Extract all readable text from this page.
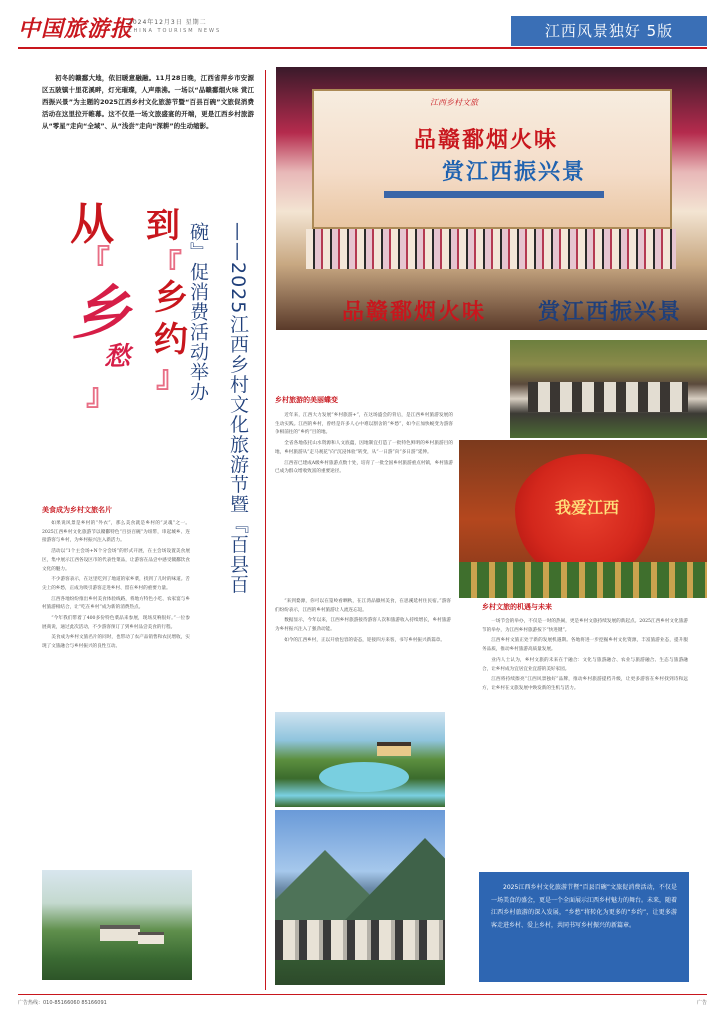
中国旅游报
2024年12月3日 星期二
CHINA TOURISM NEWS	江西风景独好 5版
初冬的赣鄱大地，依旧暖意融融。11月28日晚，江西省萍乡市安源区五陂镇十里花溪畔，灯光璀璨，人声鼎沸。一场以“品赣鄱烟火味 赏江西振兴景”为主题的2025江西乡村文化旅游节暨“百县百碗”文旅促消费活动在这里拉开帷幕。这不仅是一场文旅盛宴的开端，更是江西乡村旅游从“零星”走向“全域”、从“浅尝”走向“深耕”的生动缩影。
从
『
乡
愁
』
到
『
乡
约
』	——2025江西乡村文化旅游节暨『百县百碗』促消费活动举办
美食成为乡村文旅名片

如果说风景是乡村的“外衣”，那么美食就是乡村的“灵魂”之一。2025江西乡村文化旅游节以赣鄱特色“百县百碗”为纽带，串起城乡、连接游客与乡村，为乡村振兴注入新活力。

活动以“1个主会场+N个分会场”的形式开展，在主会场设置美食展区，集中展示江西各设区市的代表性菜品，让游客在品尝中感受赣鄱饮食文化的魅力。

不少游客表示，在这里吃到了地道的家乡菜，找到了儿时的味道。舌尖上的乡愁，正成为吸引游客走进乡村、留在乡村的重要力量。

江西各地纷纷推出乡村美食体验线路，将地方特色小吃、农家宴与乡村旅游相结合，让“吃在乡村”成为新的消费热点。

“今年我们带着了400多份特色菜品来参展，现场反响很好。”一位参展商说，通过此次活动，不少游客预订了到乡村品尝美食的行程。

美食成为乡村文旅名片的同时，也带动了农产品销售和农民增收，实现了文旅融合与乡村振兴的良性互动。

江西乡村文旅
品赣鄱烟火味
赏江西振兴景
品赣鄱烟火味 赏江西振兴景
乡村旅游的美丽蝶变

近年来，江西大力发展“乡村旅游+”，在这场盛会的背后，是江西乡村旅游发展的生动实践。江西的乡村，曾经是许多人心中难以割舍的“乡愁”，如今正加快蜕变为游客争相前往的“乡约”目的地。

全省各地依托山水资源和人文底蕴，因地制宜打造了一批特色鲜明的乡村旅游目的地，乡村旅游从“走马观花”向“沉浸体验”转变，从“一日游”向“多日游”延伸。

江西省已建成A级乡村旅游点数十处，培育了一批全国乡村旅游重点村镇，乡村旅游已成为群众增收致富的重要途径。

“来到婺源，你可以在篁岭看晒秋，在江湾品徽州美食，在思溪延村住民宿。”游客们纷纷表示，江西的乡村旅游让人流连忘返。

数据显示，今年以来，江西乡村旅游接待游客人次和旅游收入持续增长，乡村旅游为乡村振兴注入了强劲动能。

如今的江西乡村，正以开放包容的姿态，迎接四方来客，书写乡村振兴新篇章。

我爱江西
乡村文旅的机遇与未来

一场节会的举办，不仅是一时的热闹，更是乡村文旅持续发展的新起点。2025江西乡村文化旅游节的举办，为江西乡村旅游按下“快进键”。

江西乡村文旅正处于新的发展机遇期。各地将进一步挖掘乡村文化资源，丰富旅游业态，提升服务品质，推动乡村旅游高质量发展。

业内人士认为，乡村文旅的未来在于融合：文化与旅游融合、农业与旅游融合、生态与旅游融合，让乡村成为宜居宜业宜游的美好家园。

江西将持续擦亮“江西风景独好”品牌，推动乡村旅游提档升级，让更多游客在乡村找到诗和远方，让乡村在文旅发展中焕发新的生机与活力。

2025江西乡村文化旅游节暨“百县百碗”文旅促消费活动，不仅是一场美食的盛会，更是一个全面展示江西乡村魅力的舞台。未来，随着江西乡村旅游的深入发展，“乡愁”将转化为更多的“乡约”，让更多游客走进乡村、爱上乡村，共同书写乡村振兴的新篇章。
广告热线：010-85166060 85166091	广告
